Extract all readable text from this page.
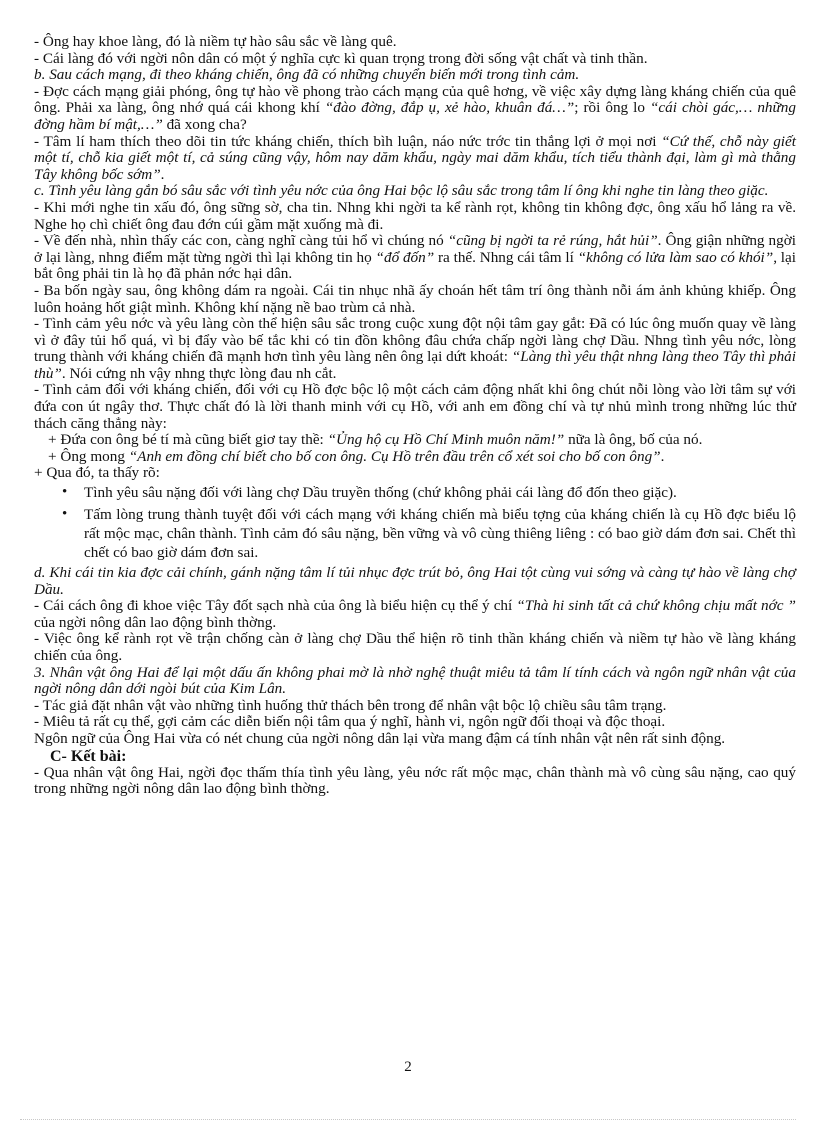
- Ông hay khoe làng, đó là niềm tự hào sâu sắc về làng quê.

- Cái làng đó với ngời nôn dân có một ý nghĩa cực kì quan trọng trong đời sống vật chất và tinh thần.

b. Sau cách mạng, đi theo kháng chiến, ông đã có những chuyển biến mới trong tình cảm.

- Đợc cách mạng giải phóng, ông tự hào về phong trào cách mạng của quê hơng, về việc xây dựng làng kháng chiến của quê ông. Phải xa làng, ông nhớ quá cái khong khí “đào đờng, đắp ụ, xẻ hào, khuân đá…”; rồi ông lo “cái chòi gác,… những đờng hầm bí mật,…” đã xong cha?

- Tâm lí ham thích theo dõi tin tức kháng chiến, thích bìh luận, náo nức trớc tin thắng lợi ở mọi nơi “Cứ thế, chỗ này giết một tí, chỗ kia giết một tí, cả súng cũng vậy, hôm nay dăm khẩu, ngày mai dăm khẩu, tích tiểu thành đại, làm gì mà thằng Tây không bốc sớm”.

c. Tình yêu làng gắn bó sâu sắc với tình yêu nớc của ông Hai bộc lộ sâu sắc trong tâm lí ông khi nghe tin làng theo giặc.

- Khi mới nghe tin xấu đó, ông sững sờ, cha tin. Nhng khi ngời ta kể rành rọt, không tin không đợc, ông xấu hổ lảng ra về. Nghe họ chì chiết ông đau đớn cúi gầm mặt xuống mà đi.

- Về đến nhà, nhìn thấy các con, càng nghĩ càng tủi hổ vì chúng nó “cũng bị ngời ta rẻ rúng, hắt hủi”. Ông giận những ngời ở lại làng, nhng điểm mặt từng ngời thì lại không tin họ “đổ đốn” ra thế. Nhng cái tâm lí “không có lửa làm sao có khói”, lại bắt ông phải tin là họ đã phản nớc hại dân.

- Ba bốn ngày sau, ông không dám ra ngoài. Cái tin nhục nhã ấy choán hết tâm trí ông thành nỗi ám ảnh khủng khiếp. Ông luôn hoảng hốt giật mình. Không khí nặng nề bao trùm cả nhà.

- Tình cảm yêu nớc và yêu làng còn thể hiện sâu sắc trong cuộc xung đột nội tâm gay gắt: Đã có lúc ông muốn quay về làng vì ở đây tủi hổ quá, vì bị đẩy vào bế tắc khi có tin đồn không đâu chứa chấp ngời làng chợ Dầu. Nhng tình yêu nớc, lòng trung thành với kháng chiến đã mạnh hơn tình yêu làng nên ông lại dứt khoát: “Làng thì yêu thật nhng làng theo Tây thì phải thù”. Nói cứng nh vậy nhng thực lòng đau nh cắt.

- Tình cảm đối với kháng chiến, đối với cụ Hồ đợc bộc lộ một cách cảm động nhất khi ông chút nỗi lòng vào lời tâm sự với đứa con út ngây thơ. Thực chất đó là lời thanh minh với cụ Hồ, với anh em đồng chí và tự nhủ mình trong những lúc thử thách căng thẳng này:

+ Đứa con ông bé tí mà cũng biết giơ tay thề: “Ủng hộ cụ Hồ Chí Minh muôn năm!” nữa là ông, bố của nó.

+ Ông mong “Anh em đồng chí biết cho bố con ông. Cụ Hồ trên đầu trên cổ xét soi cho bố con ông”.

+ Qua đó, ta thấy rõ:

• Tình yêu sâu nặng đối với làng chợ Dầu truyền thống (chứ không phải cái làng đổ đốn theo giặc).
• Tấm lòng trung thành tuyệt đối với cách mạng với kháng chiến mà biểu tợng của kháng chiến là cụ Hồ đợc biểu lộ rất mộc mạc, chân thành. Tình cảm đó sâu nặng, bền vững và vô cùng thiêng liêng : có bao giờ dám đơn sai. Chết thì chết có bao giờ dám đơn sai.

d. Khi cái tin kia đợc cải chính, gánh nặng tâm lí tủi nhục đợc trút bỏ, ông Hai tột cùng vui sớng và càng tự hào về làng chợ Dầu.

- Cái cách ông đi khoe việc Tây đốt sạch nhà của ông là biểu hiện cụ thể ý chí “Thà hi sinh tất cả chứ không chịu mất nớc ” của ngời nông dân lao động bình thờng.

- Việc ông kể rành rọt về trận chống càn ở làng chợ Dầu thể hiện rõ tinh thần kháng chiến và niềm tự hào về làng kháng chiến của ông.

3. Nhân vật ông Hai để lại một dấu ấn không phai mờ là nhờ nghệ thuật miêu tả tâm lí tính cách và ngôn ngữ nhân vật của ngời nông dân dới ngòi bút của Kim Lân.

- Tác giả đặt nhân vật vào những tình huống thử thách bên trong để nhân vật bộc lộ chiều sâu tâm trạng.

- Miêu tả rất cụ thể, gợi cảm các diễn biến nội tâm qua ý nghĩ, hành vi, ngôn ngữ đối thoại và độc thoại.

Ngôn ngữ của Ông Hai vừa có nét chung của ngời nông dân lại vừa mang đậm cá tính nhân vật nên rất sinh động.

C- Kết bài:

- Qua nhân vật ông Hai, ngời đọc thấm thía tình yêu làng, yêu nớc rất mộc mạc, chân thành mà vô cùng sâu nặng, cao quý trong những ngời nông dân lao động bình thờng.

2
